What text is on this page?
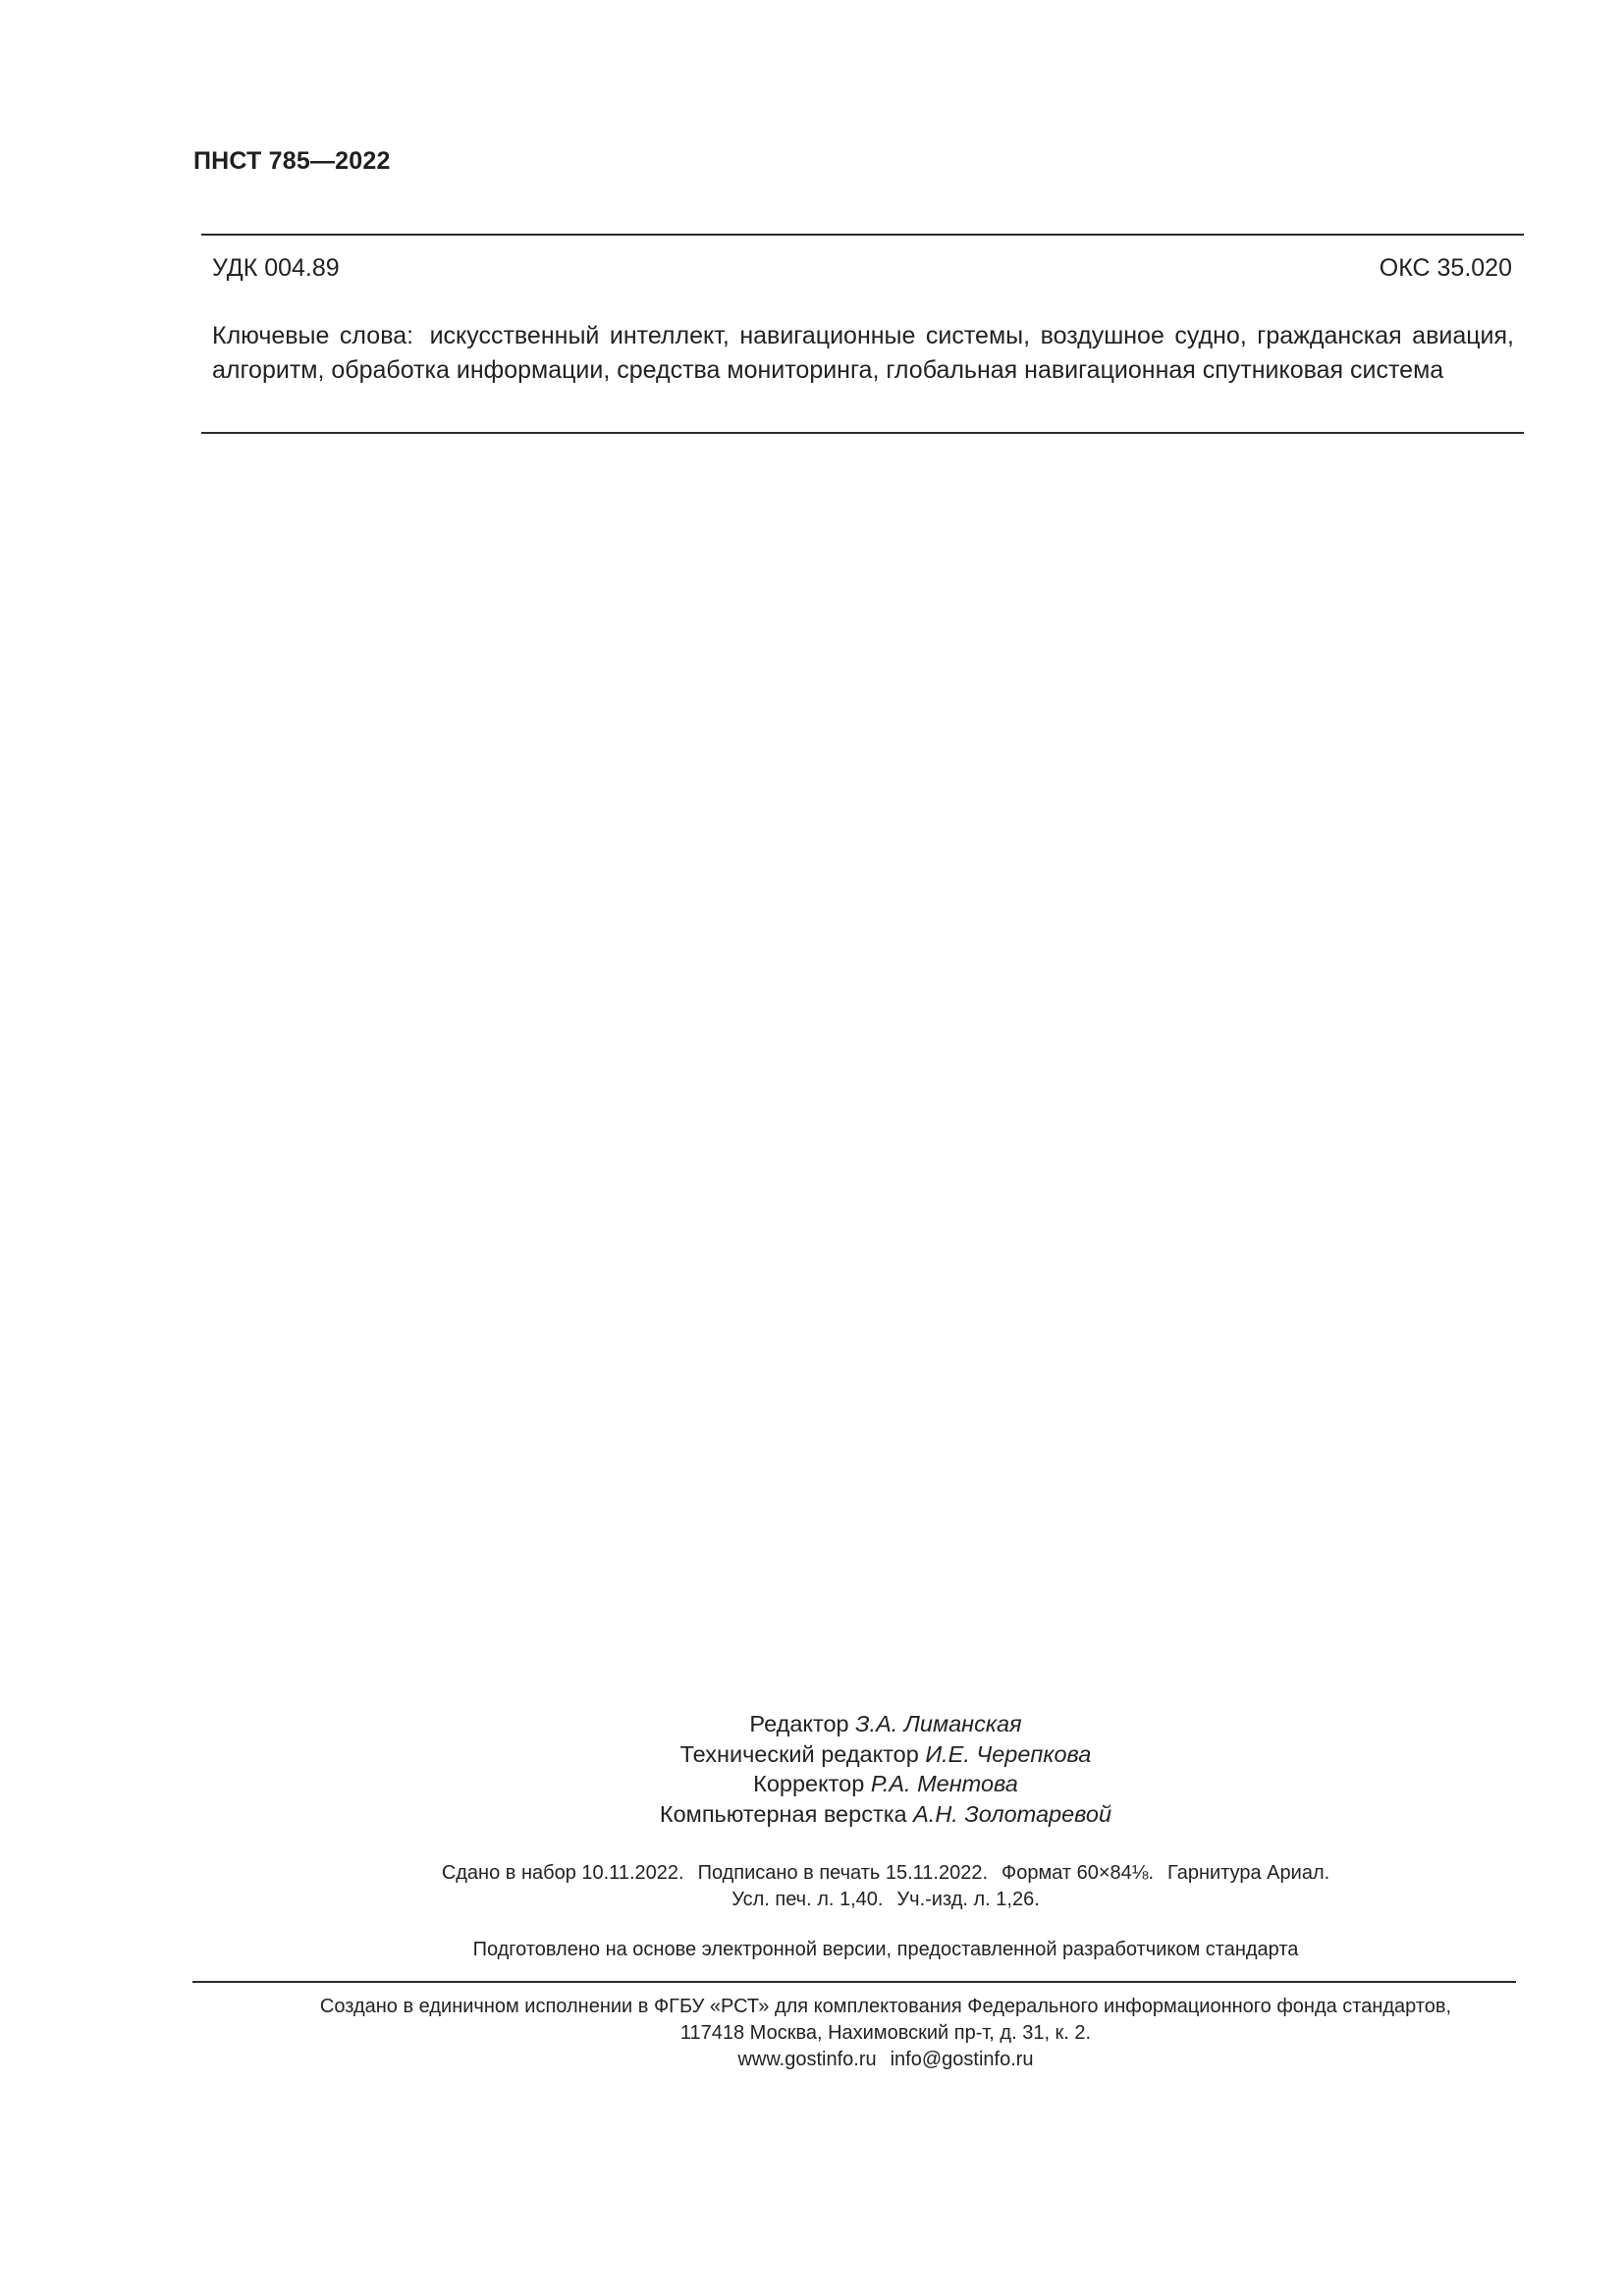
ПНСТ 785—2022
УДК 004.89	ОКС 35.020
Ключевые слова: искусственный интеллект, навигационные системы, воздушное судно, гражданская авиация, алгоритм, обработка информации, средства мониторинга, глобальная навигационная спутниковая система
Редактор З.А. Лиманская
Технический редактор И.Е. Черепкова
Корректор Р.А. Ментова
Компьютерная верстка А.Н. Золотаревой
Сдано в набор 10.11.2022. Подписано в печать 15.11.2022. Формат 60×84⅛. Гарнитура Ариал.
Усл. печ. л. 1,40. Уч.-изд. л. 1,26.
Подготовлено на основе электронной версии, предоставленной разработчиком стандарта
Создано в единичном исполнении в ФГБУ «РСТ» для комплектования Федерального информационного фонда стандартов,
117418 Москва, Нахимовский пр-т, д. 31, к. 2.
www.gostinfo.ru info@gostinfo.ru
